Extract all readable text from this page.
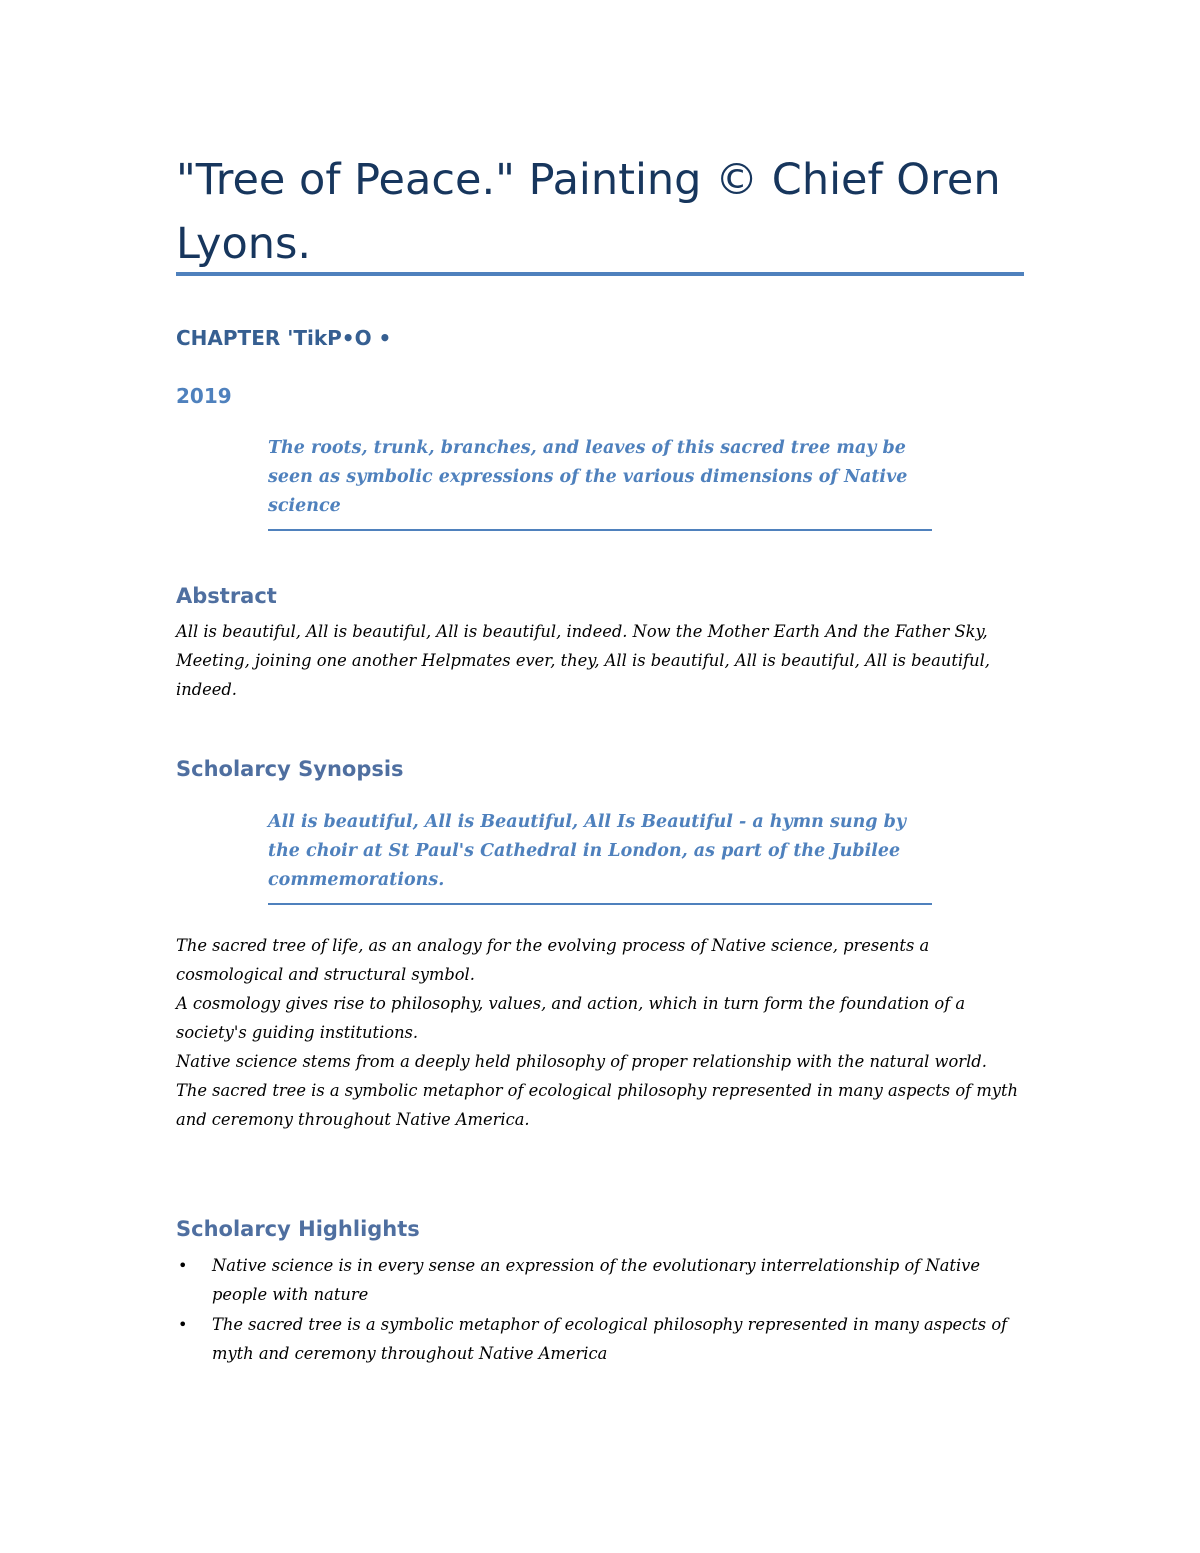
"Tree of Peace." Painting © Chief Oren Lyons.

CHAPTER 'TikP•O •

2019

The roots, trunk, branches, and leaves of this sacred tree may be seen as symbolic expressions of the various dimensions of Native science

Abstract

All is beautiful, All is beautiful, All is beautiful, indeed. Now the Mother Earth And the Father Sky, Meeting, joining one another Helpmates ever, they, All is beautiful, All is beautiful, All is beautiful, indeed.

Scholarcy Synopsis

All is beautiful, All is Beautiful, All Is Beautiful - a hymn sung by the choir at St Paul's Cathedral in London, as part of the Jubilee commemorations.

The sacred tree of life, as an analogy for the evolving process of Native science, presents a cosmological and structural symbol.

A cosmology gives rise to philosophy, values, and action, which in turn form the foundation of a society's guiding institutions.

Native science stems from a deeply held philosophy of proper relationship with the natural world.

The sacred tree is a symbolic metaphor of ecological philosophy represented in many aspects of myth and ceremony throughout Native America.

Scholarcy Highlights
• Native science is in every sense an expression of the evolutionary interrelationship of Native people with nature
• The sacred tree is a symbolic metaphor of ecological philosophy represented in many aspects of myth and ceremony throughout Native America
